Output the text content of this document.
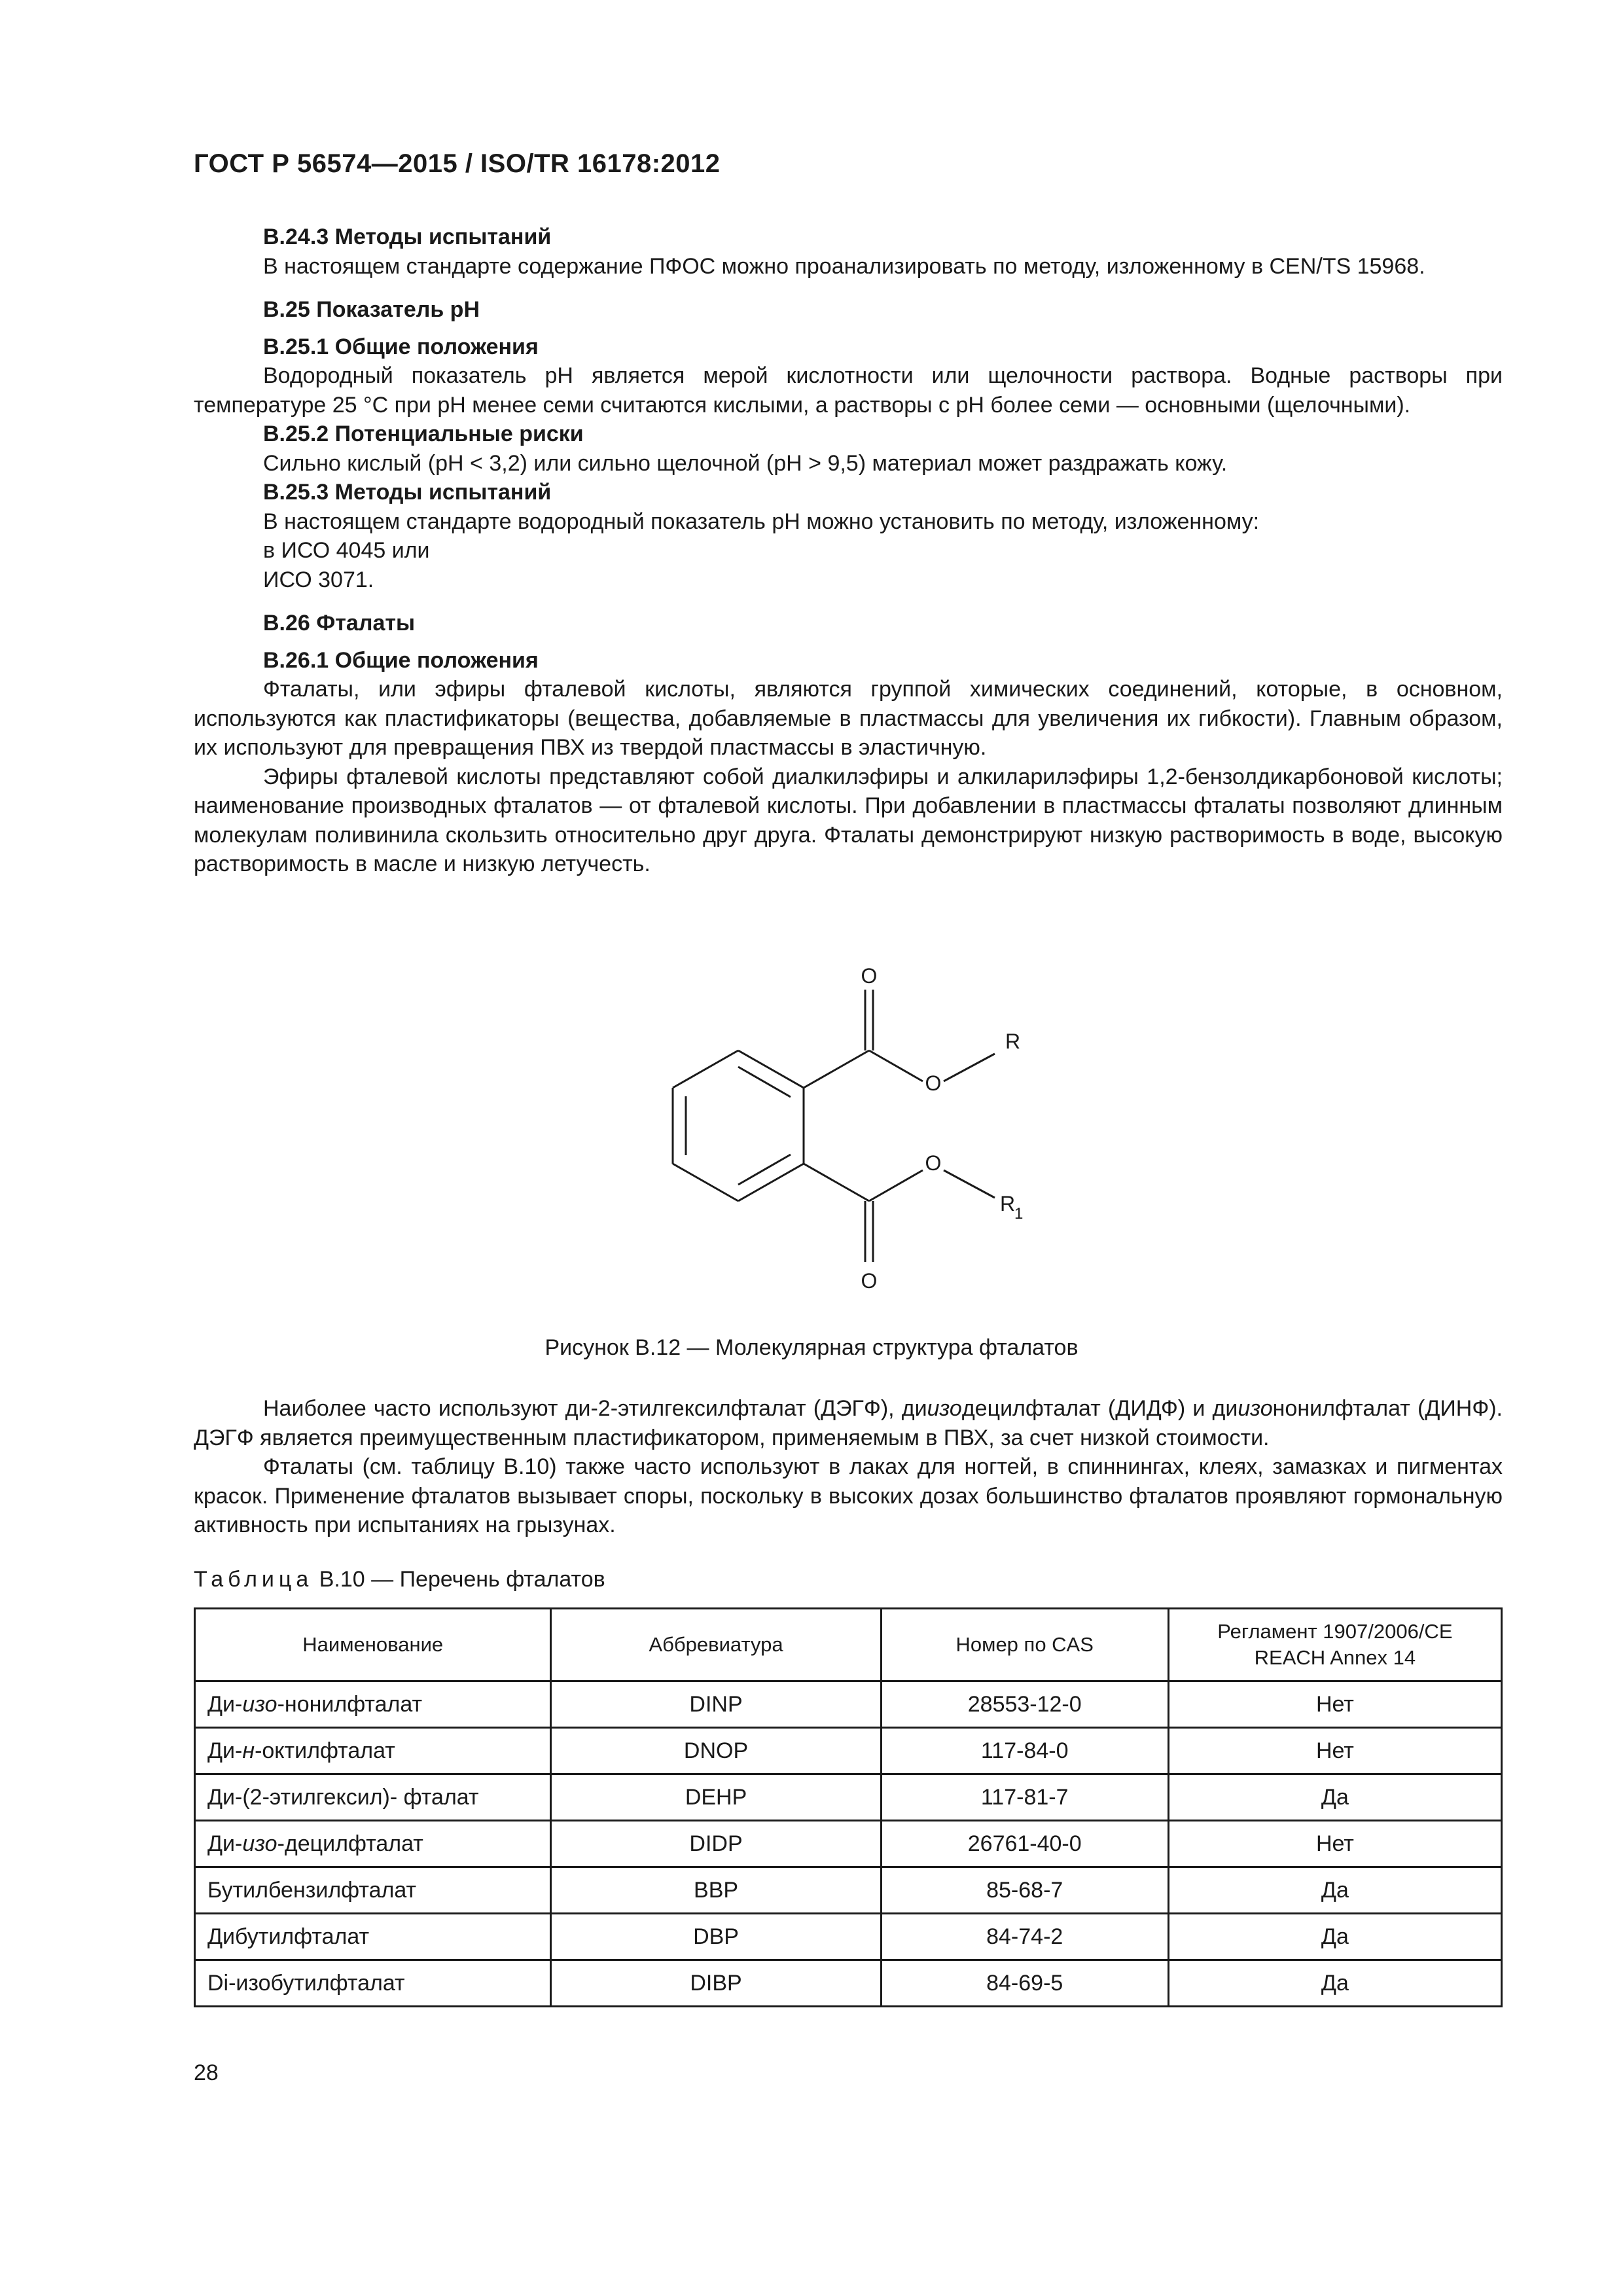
ГОСТ Р 56574—2015 / ISO/TR 16178:2012
B.24.3 Методы испытаний

В настоящем стандарте содержание ПФОС можно проанализировать по методу, изложенному в CEN/TS 15968.

B.25 Показатель рН
B.25.1 Общие положения

Водородный показатель рН является мерой кислотности или щелочности раствора. Водные растворы при температуре 25 °С при рН менее семи считаются кислыми, а растворы с рН более семи — основными (щелочными).

B.25.2 Потенциальные риски

Сильно кислый (рН < 3,2) или сильно щелочной (рН > 9,5) материал может раздражать кожу.

B.25.3 Методы испытаний

В настоящем стандарте водородный показатель рН можно установить по методу, изложенному:

в ИСО 4045 или
ИСО 3071.
B.26 Фталаты
B.26.1 Общие положения

Фталаты, или эфиры фталевой кислоты, являются группой химических соединений, которые, в основном, используются как пластификаторы (вещества, добавляемые в пластмассы для увеличения их гибкости). Главным образом, их используют для превращения ПВХ из твердой пластмассы в эластичную.

Эфиры фталевой кислоты представляют собой диалкилэфиры и алкиларилэфиры 1,2-бензолдикарбоновой кислоты; наименование производных фталатов — от фталевой кислоты. При добавлении в пластмассы фталаты позволяют длинным молекулам поливинила скользить относительно друг друга. Фталаты демонстрируют низкую растворимость в воде, высокую растворимость в масле и низкую летучесть.

O
O
O
O
R
R
1
Рисунок B.12 — Молекулярная структура фталатов

Наиболее часто используют ди-2-этилгексилфталат (ДЭГФ), диизодецилфталат (ДИДФ) и диизононилфталат (ДИНФ). ДЭГФ является преимущественным пластификатором, применяемым в ПВХ, за счет низкой стоимости.

Фталаты (см. таблицу B.10) также часто используют в лаках для ногтей, в спиннингах, клеях, замазках и пигментах красок. Применение фталатов вызывает споры, поскольку в высоких дозах большинство фталатов проявляют гормональную активность при испытаниях на грызунах.

Таблица B.10 — Перечень фталатов
Наименование	Аббревиатура	Номер по CAS	Регламент 1907/2006/CE
REACH Annex 14
Ди-изо-нонилфталат	DINP	28553-12-0	Нет
Ди-н-октилфталат	DNOP	117-84-0	Нет
Ди-(2-этилгексил)- фталат	DEHP	117-81-7	Да
Ди-изо-децилфталат	DIDP	26761-40-0	Нет
Бутилбензилфталат	BBP	85-68-7	Да
Дибутилфталат	DBP	84-74-2	Да
Di-изобутилфталат	DIBP	84-69-5	Да
28
